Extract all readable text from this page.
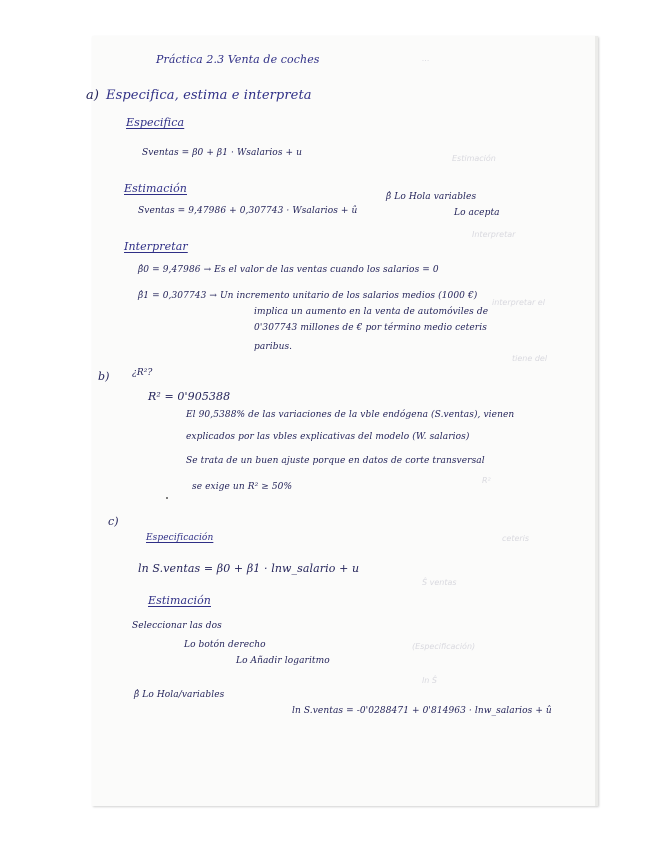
...
Estimación
Interpretar
interpretar el
tiene del
R²
ceteris
Ŝ ventas
(Especificación)
ln Ŝ
Práctica 2.3 Venta de coches
a) Especifica, estima e interpreta
Especifica
Sventas = β0 + β1 · Wsalarios + u
Estimación
β̂ Lo Hola variables
Lo acepta
Sventas = 9,47986 + 0,307743 · Wsalarios + û
Interpretar
β̂0 = 9,47986 → Es el valor de las ventas cuando los salarios = 0
β̂1 = 0,307743 → Un incremento unitario de los salarios medios (1000 €)
implica un aumento en la venta de automóviles de
0'307743 millones de € por término medio ceteris
paribus.
b) ¿R²?
R² = 0'905388
El 90,5388% de las variaciones de la vble endógena (S.ventas), vienen
explicados por las vbles explicativas del modelo (W. salarios)
Se trata de un buen ajuste porque en datos de corte transversal
se exige un R² ≥ 50%
c)
Especificación
ln S.ventas = β0 + β1 · lnw_salario + u
Estimación
Seleccionar las dos
Lo botón derecho
Lo Añadir logaritmo
β̂ Lo Hola/variables
ln S.ventas = -0'0288471 + 0'814963 · lnw_salarios + û
